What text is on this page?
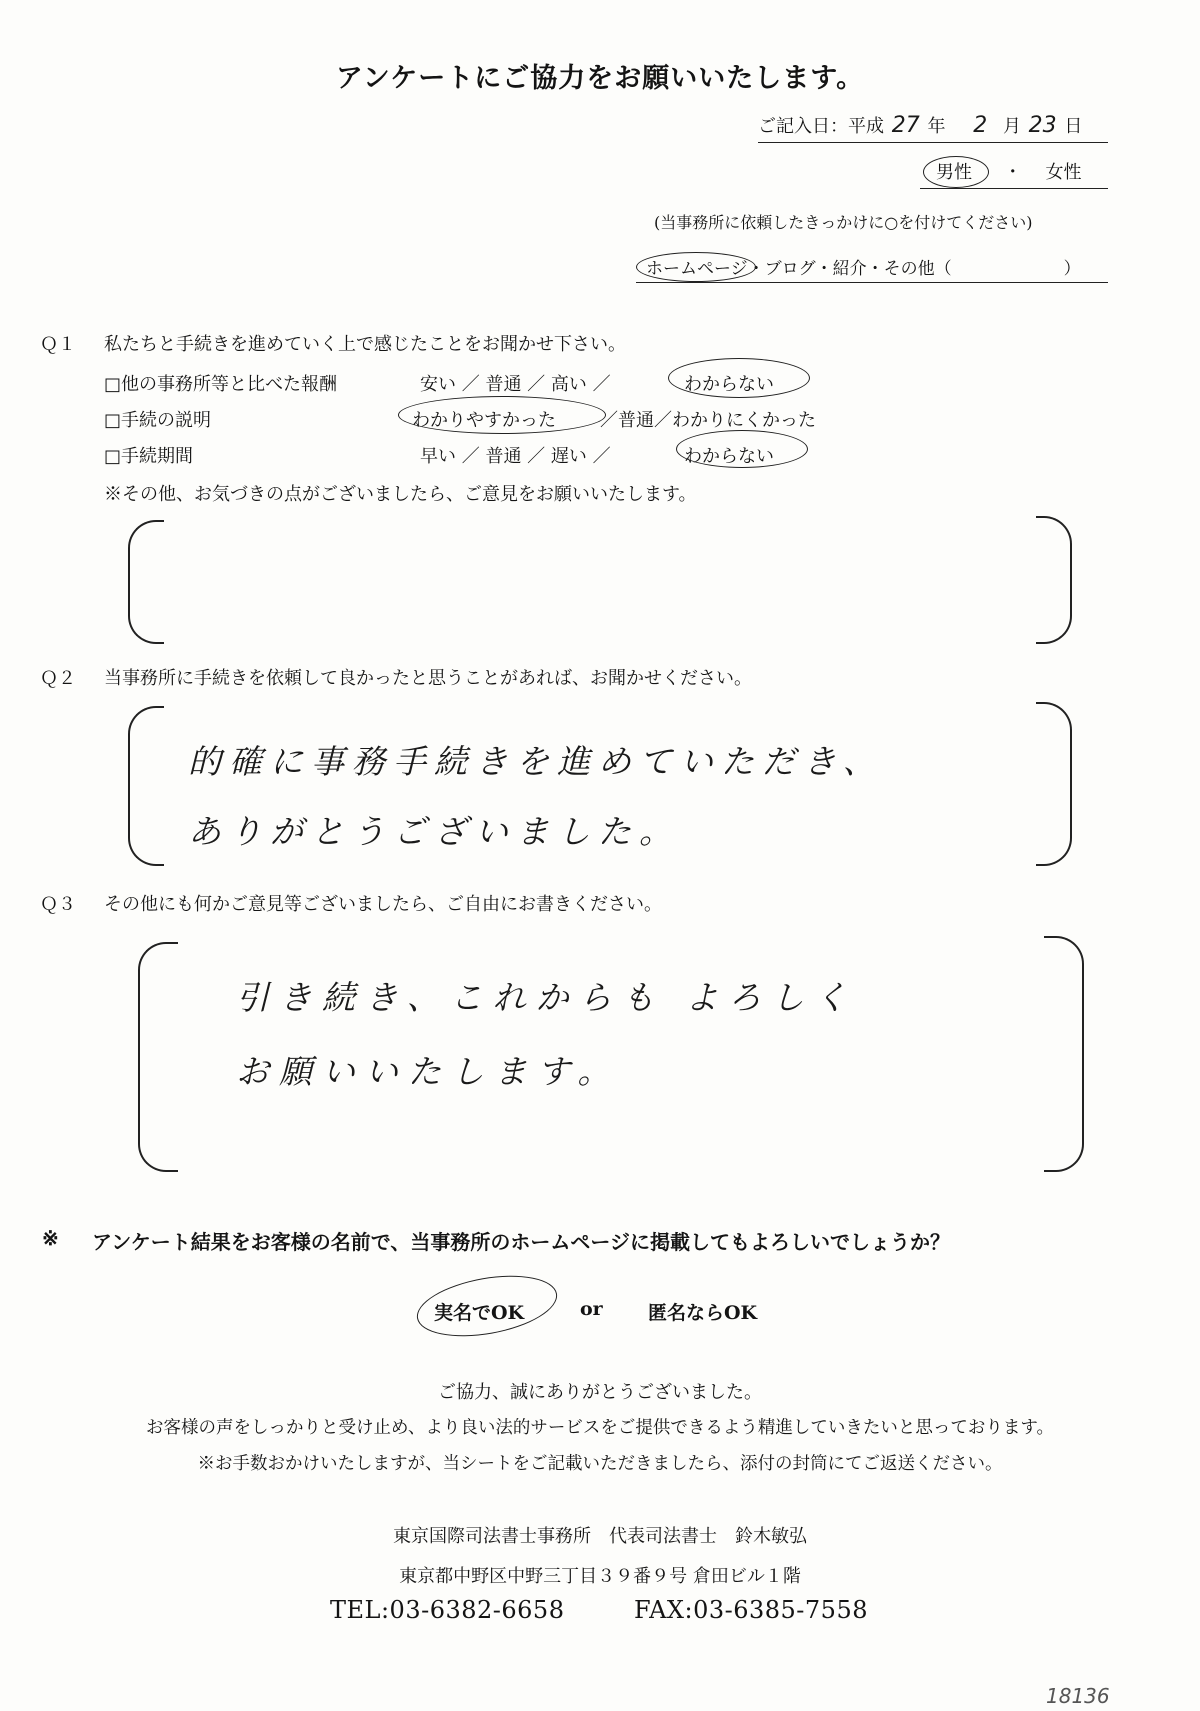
アンケートにご協力をお願いいたします。
ご記入日：平成 27 年 2 月 23 日
男性 ・ 女性
(当事務所に依頼したきっかけに○を付けてください)
ホームページ・ブログ・紹介・その他（	）
Ｑ１ 私たちと手続きを進めていく上で感じたことをお聞かせ下さい。
□他の事務所等と比べた報酬	安い ／ 普通 ／ 高い ／	わからない
□手続の説明	わかりやすかった ／普通／わかりにくかった
□手続期間	早い ／ 普通 ／ 遅い ／	わからない
※その他、お気づきの点がございましたら、ご意見をお願いいたします。
Ｑ２ 当事務所に手続きを依頼して良かったと思うことがあれば、お聞かせください。
的確に事務手続きを進めていただき、
ありがとうございました。
Ｑ３ その他にも何かご意見等ございましたら、ご自由にお書きください。
引き続き、これからも よろしく
お願いいたします。
※ アンケート結果をお客様の名前で、当事務所のホームページに掲載してもよろしいでしょうか？
実名でOK	or 匿名ならOK
ご協力、誠にありがとうございました。
お客様の声をしっかりと受け止め、より良い法的サービスをご提供できるよう精進していきたいと思っております。
※お手数おかけいたしますが、当シートをご記載いただきましたら、添付の封筒にてご返送ください。
東京国際司法書士事務所　代表司法書士　鈴木敏弘
東京都中野区中野三丁目３９番９号 倉田ビル１階
TEL:03-6382-6658	FAX:03-6385-7558
18136
